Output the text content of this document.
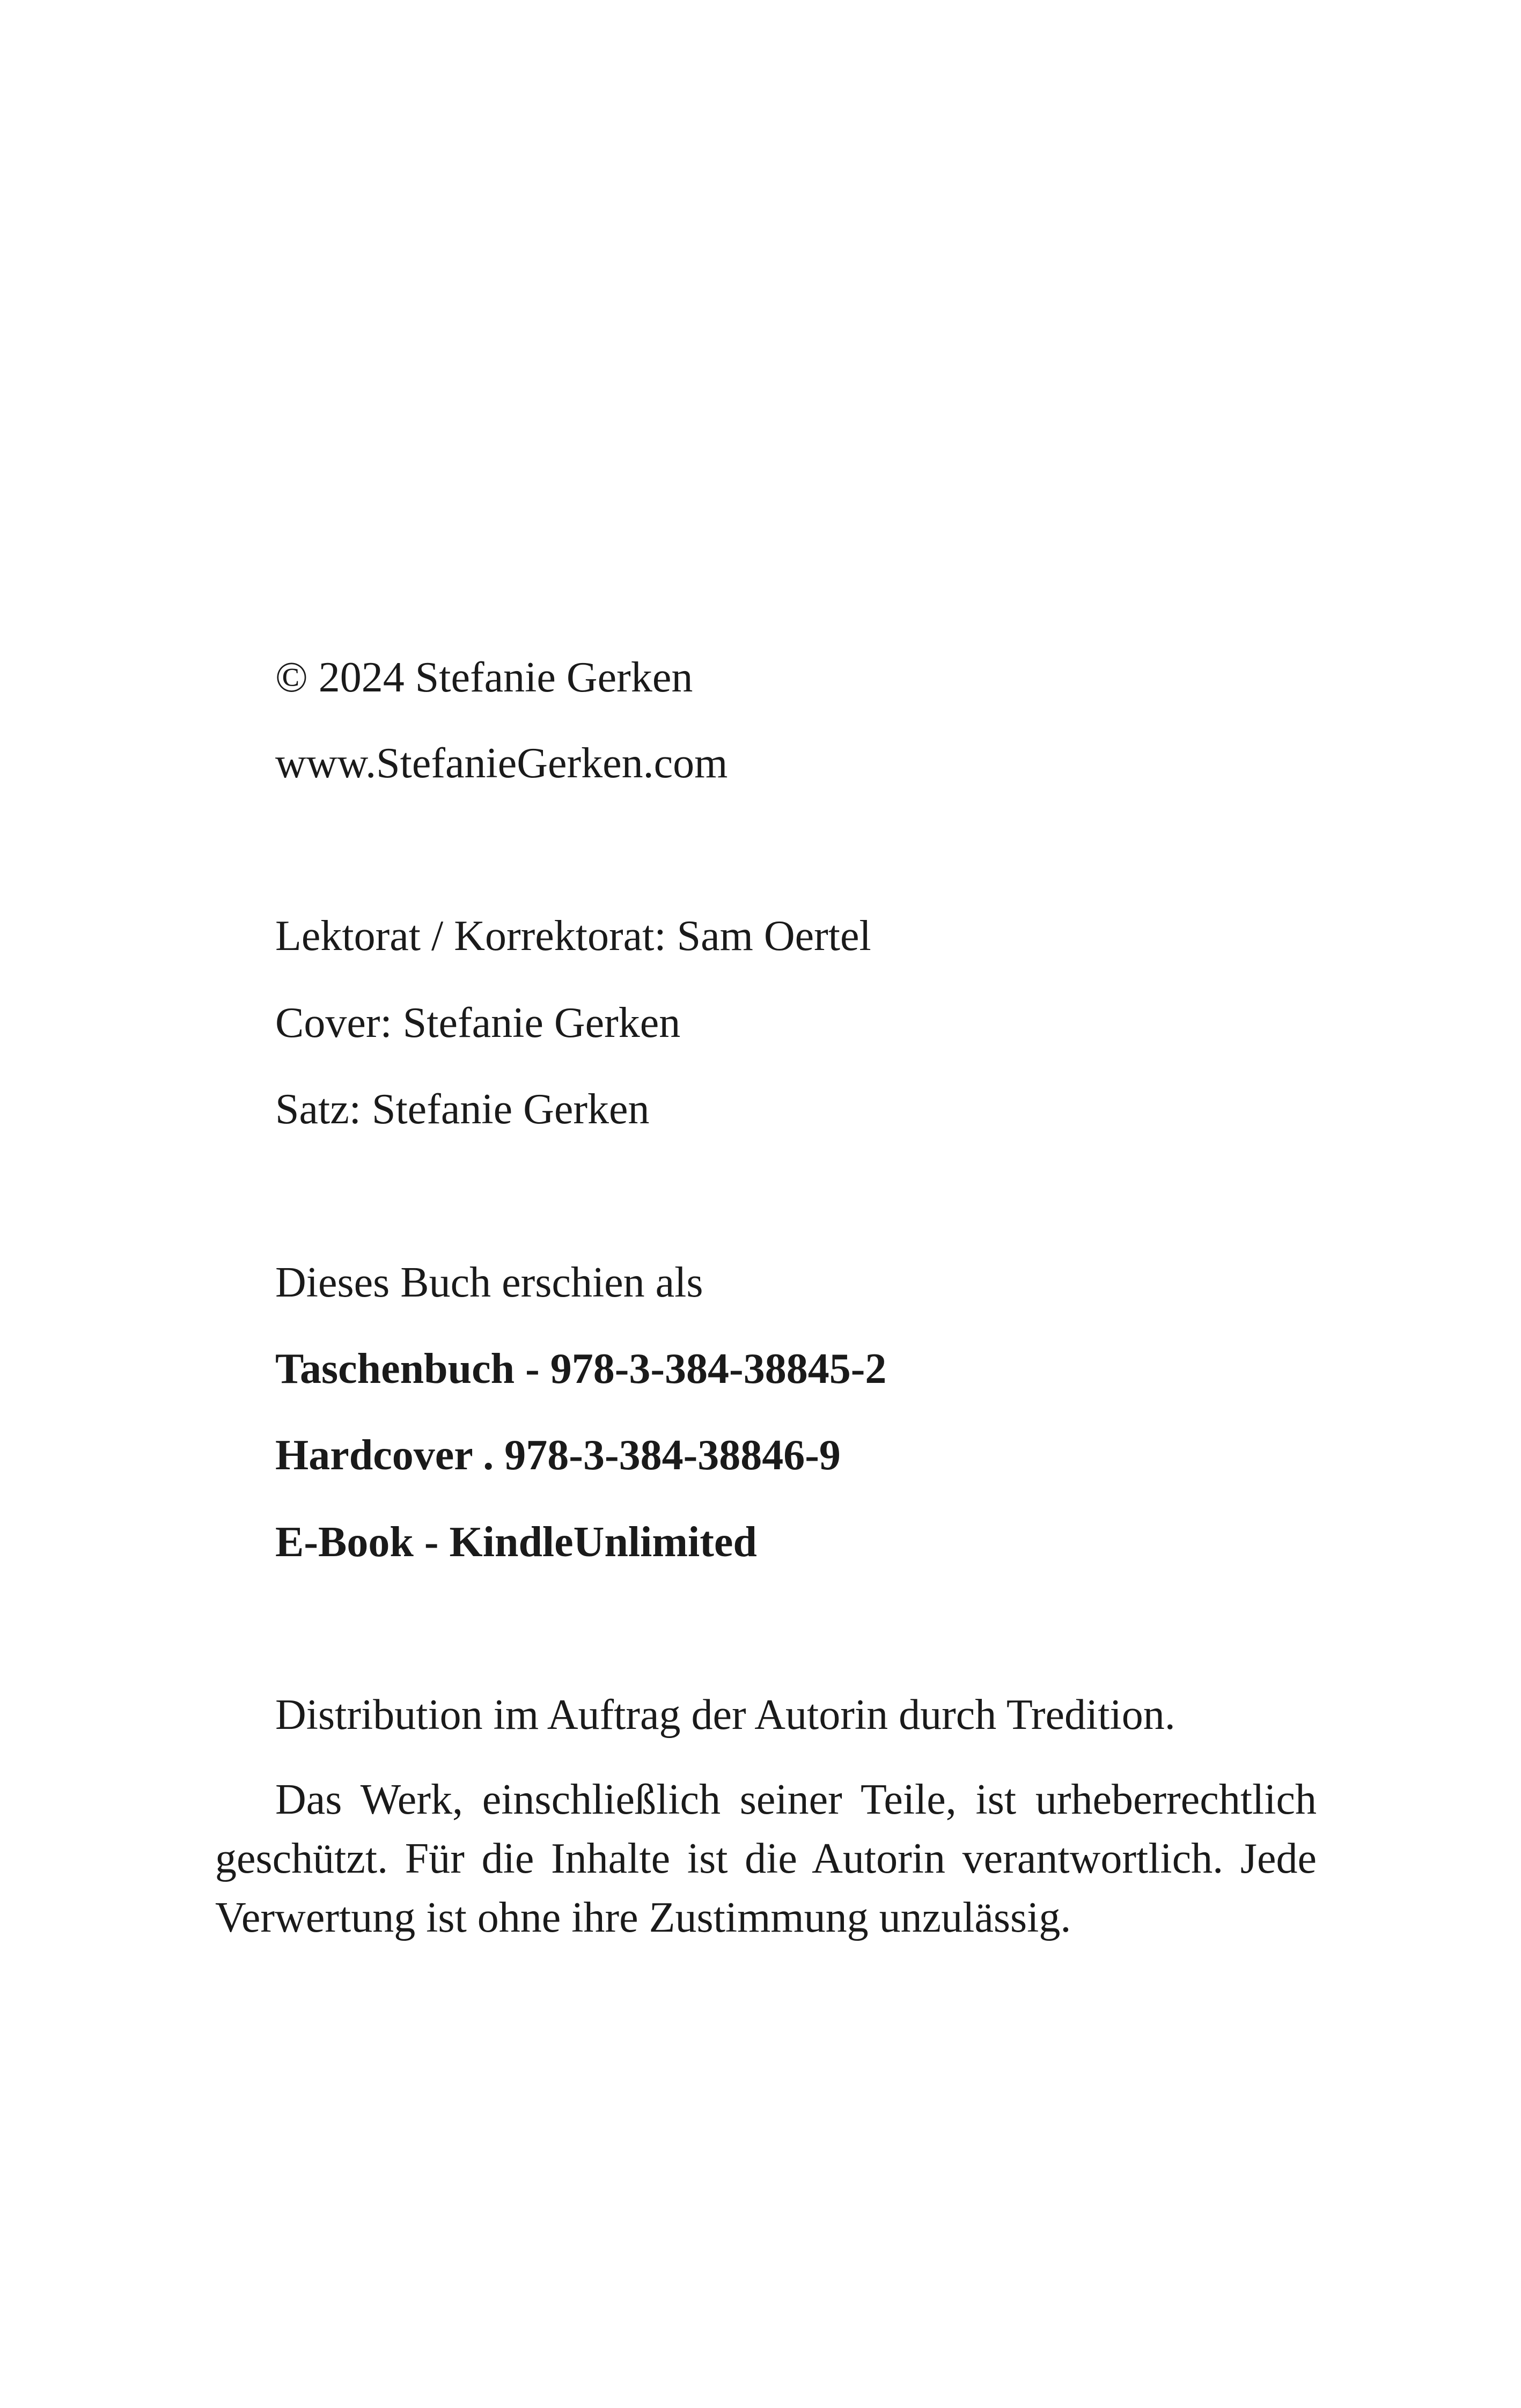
© 2024 Stefanie Gerken
www.StefanieGerken.com
Lektorat / Korrektorat: Sam Oertel
Cover: Stefanie Gerken
Satz: Stefanie Gerken
Dieses Buch erschien als
Taschenbuch - 978-3-384-38845-2
Hardcover . 978-3-384-38846-9
E-Book - KindleUnlimited
Distribution im Auftrag der Autorin durch Tredition.
Das Werk, einschließlich seiner Teile, ist urheberrechtlich geschützt. Für die Inhalte ist die Autorin verantwortlich. Jede Verwertung ist ohne ihre Zustimmung unzulässig.
